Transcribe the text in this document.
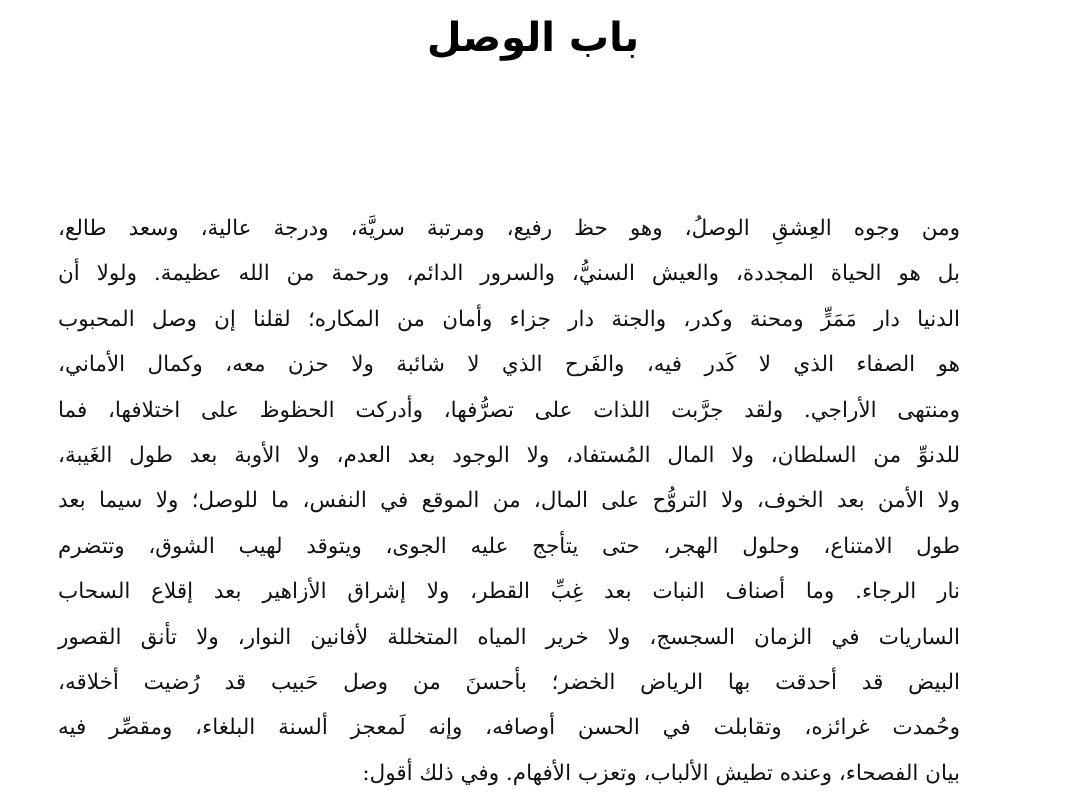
باب الوصل
ومن وجوه العِشقِ الوصلُ، وهو حظ رفيع، ومرتبة سريَّة، ودرجة عالية، وسعد طالع،
بل هو الحياة المجددة، والعيش السنيُّ، والسرور الدائم، ورحمة من الله عظيمة. ولولا أن
الدنيا دار مَمَرٍّ ومحنة وكدر، والجنة دار جزاء وأمان من المكاره؛ لقلنا إن وصل المحبوب
هو الصفاء الذي لا كَدر فيه، والفَرح الذي لا شائبة ولا حزن معه، وكمال الأماني،
ومنتهى الأراجي. ولقد جرَّبت اللذات على تصرُّفها، وأدركت الحظوظ على اختلافها، فما
للدنوِّ من السلطان، ولا المال المُستفاد، ولا الوجود بعد العدم، ولا الأوبة بعد طول الغَيبة،
ولا الأمن بعد الخوف، ولا التروُّح على المال، من الموقع في النفس، ما للوصل؛ ولا سيما بعد
طول الامتناع، وحلول الهجر، حتى يتأجج عليه الجوى، ويتوقد لهيب الشوق، وتتضرم
نار الرجاء. وما أصناف النبات بعد غِبِّ القطر، ولا إشراق الأزاهير بعد إقلاع السحاب
الساريات في الزمان السجسج، ولا خرير المياه المتخللة لأفانين النوار، ولا تأنق القصور
البيض قد أحدقت بها الرياض الخضر؛ بأحسنَ من وصل حَبيب قد رُضيت أخلاقه،
وحُمدت غرائزه، وتقابلت في الحسن أوصافه، وإنه لَمعجز ألسنة البلغاء، ومقصِّر فيه
بيان الفصحاء، وعنده تطيش الألباب، وتعزب الأفهام. وفي ذلك أقول:
